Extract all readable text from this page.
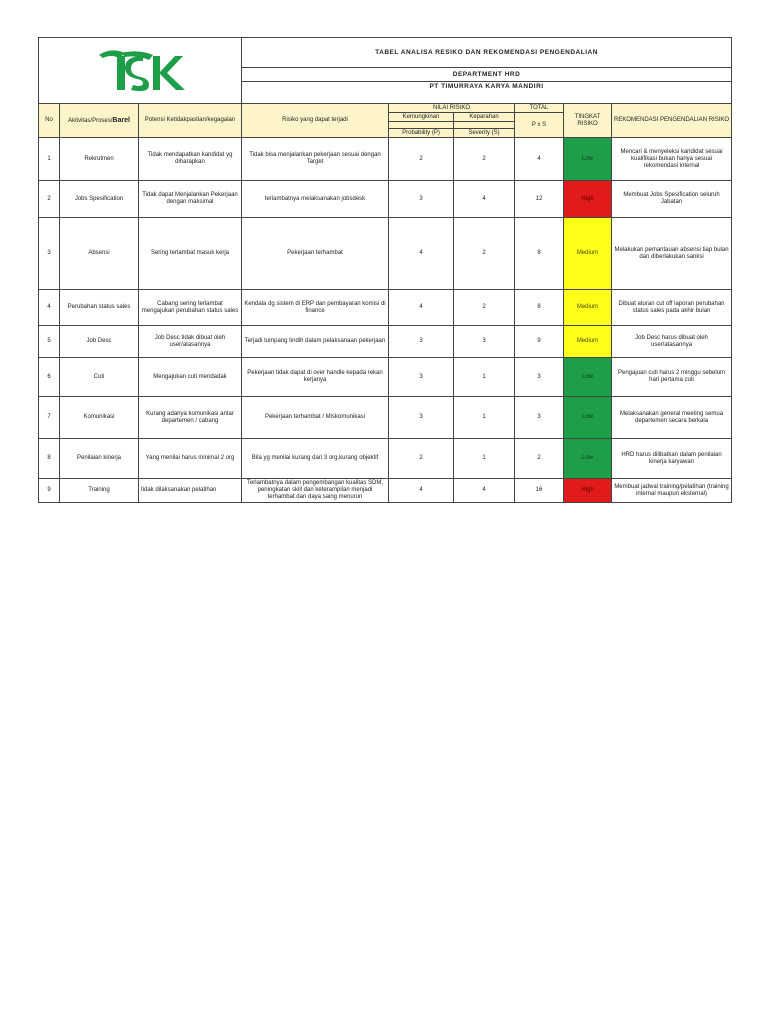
	TABEL ANALISA RESIKO DAN REKOMENDASI PENGENDALIAN					
			DEPARTMENT HRD					
			PT TIMURRAYA KARYA MANDIRI					
No	Aktivitas/Proses/Barel	Potensi Ketidakpastian/kegagalan	Risiko yang dapat terjadi	NILAI RISIKO		TOTAL	TINGKAT RISIKO	REKOMENDASI PENGENDALIAN RISIKO
				Kemungkinan	Keparahan	P x S		

				Probability (P)	Severity (S)			
1	Rekrutmen	Tidak mendapatkan kandidat yg diharapkan	Tidak bisa menjalankan pekerjaan sesuai dengan Target	2	2	4	Low	Mencari & menyeleksi kandidat sesuai kualifikasi bukan hanya sesuai rekomendasi internal
2	Jobs Spesification	Tidak dapat Menjalankan Pekerjaan dengan maksimal	terlambatnya melaksanakan jobsdesk	3	4	12	High	Membuat Jobs Spesification seluruh Jabatan
3	Absensi	Sering terlambat masuk kerja	Pekerjaan terhambat	4	2	8	Medium	Melakukan pemantauan absensi tiap bulan dan diberlakukan sanksi
4	Perubahan status sales	Cabang sering terlambat mengajukan perubahan status sales	Kendala dg sistem di ERP dan pembayaran komisi di finance	4	2	8	Medium	Dibuat aturan cut off laporan perubahan status sales pada akhir bulan
5	Job Desc	Job Desc tidak dibuat oleh user/atasannya	Terjadi tumpang tindih dalam pelaksanaan pekerjaan	3	3	9	Medium	Job Desc harus dibuat oleh user/atasannya
6	Cuti	Mengajukan cuti mendadak	Pekerjaan tidak dapat di over handle kepada rekan kerjanya	3	1	3	Low	Pengajuan cuti harus 2 minggu sebelum hari pertama cuti
7	Komunikasi	Kurang adanya komunikasi antar departemen / cabang	Pekerjaan terhambat / Miskomunikasi	3	1	3	Low	Melaksanakan general meeting semua departemen secara berkala
8	Penilaian kinerja	Yang menilai harus minimal 2 org	Bila yg menilai kurang dari 3 org,kurang objektif	2	1	2	Low	HRD harus dilibatkan dalam penilaian kinerja karyawan
9	Training	tidak dilaksanakan pelatihan	Terlambatnya dalam pengembangan kualitas SDM, peningkatan skill dan keterampilan menjadi terhambat dan daya saing menurun	4	4	16	High	Membuat jadwal training/pelatihan (training internal maupun eksternal)
